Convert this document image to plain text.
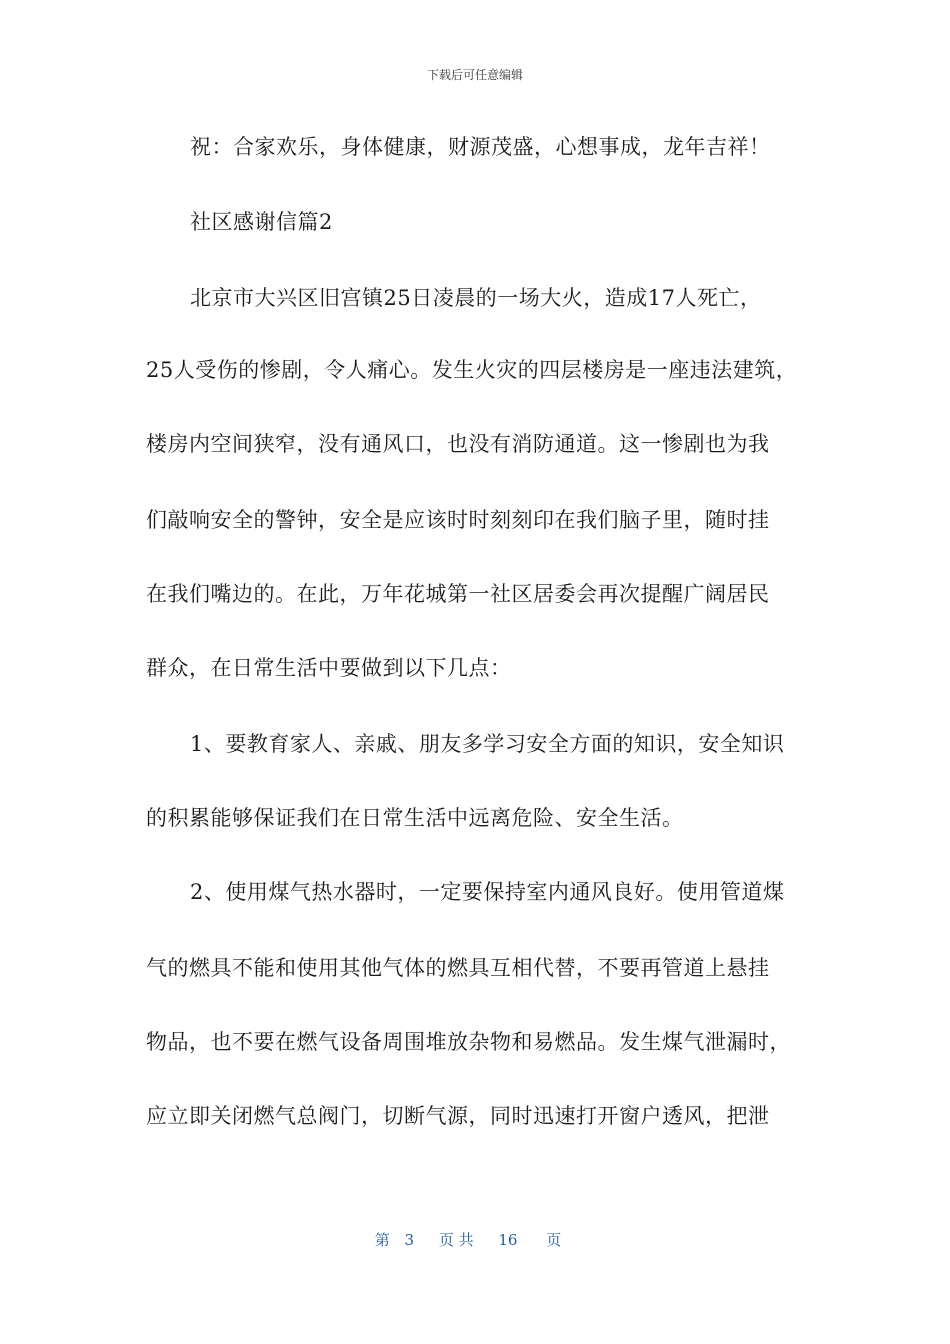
下载后可任意编辑
祝：合家欢乐，身体健康，财源茂盛，心想事成，龙年吉祥！
社区感谢信篇2
北京市大兴区旧宫镇25日凌晨的一场大火，造成17人死亡，
25人受伤的惨剧，令人痛心。发生火灾的四层楼房是一座违法建筑，
楼房内空间狭窄，没有通风口，也没有消防通道。这一惨剧也为我
们敲响安全的警钟，安全是应该时时刻刻印在我们脑子里，随时挂
在我们嘴边的。在此，万年花城第一社区居委会再次提醒广阔居民
群众，在日常生活中要做到以下几点：
1、要教育家人、亲戚、朋友多学习安全方面的知识，安全知识
的积累能够保证我们在日常生活中远离危险、安全生活。
2、使用煤气热水器时，一定要保持室内通风良好。使用管道煤
气的燃具不能和使用其他气体的燃具互相代替，不要再管道上悬挂
物品，也不要在燃气设备周围堆放杂物和易燃品。发生煤气泄漏时，
应立即关闭燃气总阀门，切断气源，同时迅速打开窗户透风，把泄
第 3 页 共 16 页
